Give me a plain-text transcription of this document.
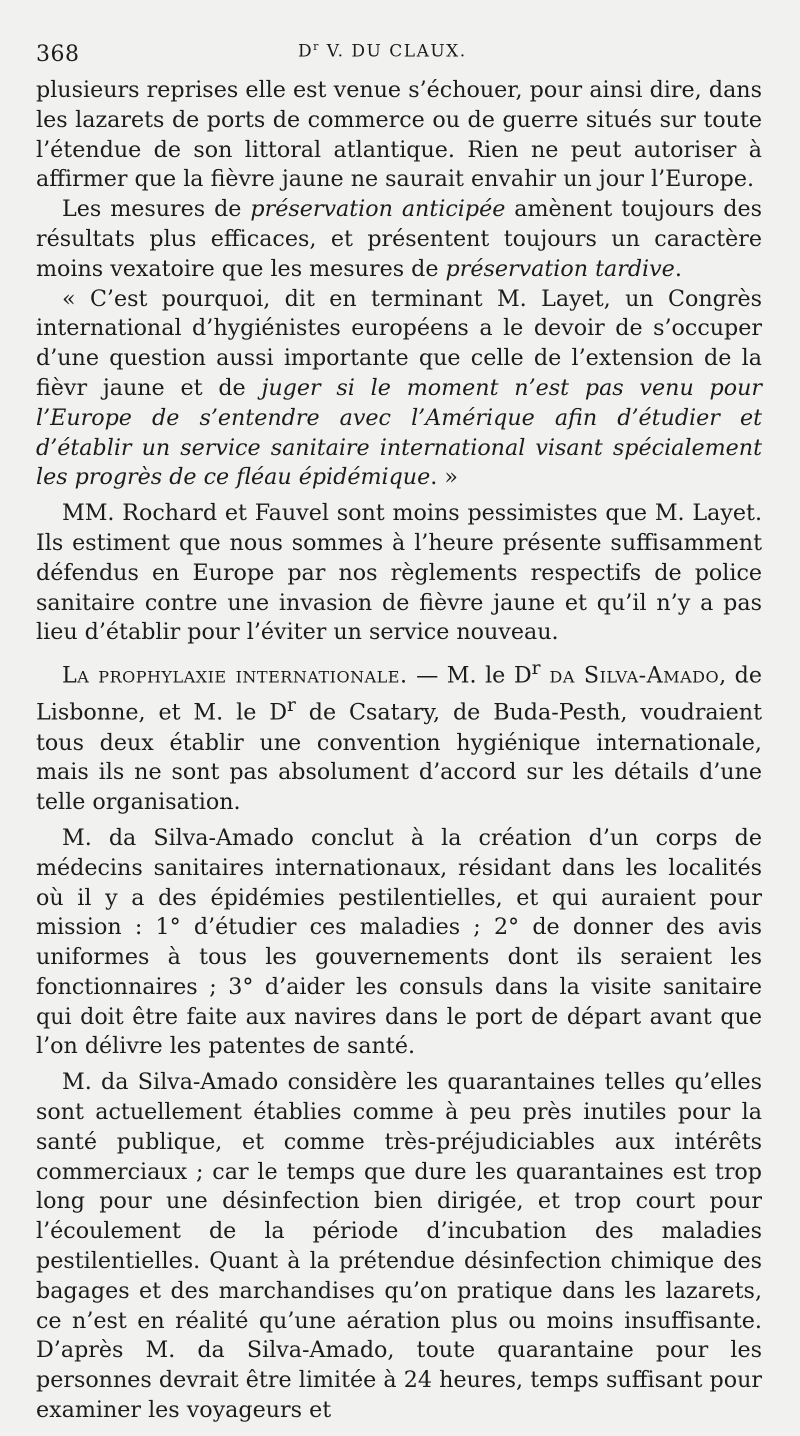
368	$D^r$ V. DU CLAUX.

plusieurs reprises elle est venue s’échouer, pour ainsi dire, dans les lazarets de ports de commerce ou de guerre situés sur toute l’étendue de son littoral atlantique. Rien ne peut autoriser à affirmer que la fièvre jaune ne saurait envahir un jour l’Europe.

Les mesures de préservation anticipée amènent toujours des résultats plus efficaces, et présentent toujours un caractère moins vexatoire que les mesures de préservation tardive.

« C’est pourquoi, dit en terminant M. Layet, un Congrès international d’hygiénistes européens a le devoir de s’occuper d’une question aussi importante que celle de l’extension de la fièvr jaune et de juger si le moment n’est pas venu pour l’Europe de s’entendre avec l’Amérique afin d’étudier et d’établir un service sanitaire international visant spécialement les progrès de ce fléau épidémique. »

MM. Rochard et Fauvel sont moins pessimistes que M. Layet. Ils estiment que nous sommes à l’heure présente suffisamment défendus en Europe par nos règlements respectifs de police sanitaire contre une invasion de fièvre jaune et qu’il n’y a pas lieu d’établir pour l’éviter un service nouveau.

La prophylaxie internationale. — M. le $D^r$ da Silva-Amado, de Lisbonne, et M. le $D^r$ de Csatary, de Buda-Pesth, voudraient tous deux établir une convention hygiénique internationale, mais ils ne sont pas absolument d’accord sur les détails d’une telle organisation.

M. da Silva-Amado conclut à la création d’un corps de médecins sanitaires internationaux, résidant dans les localités où il y a des épidémies pestilentielles, et qui auraient pour mission : 1° d’étudier ces maladies ; 2° de donner des avis uniformes à tous les gouvernements dont ils seraient les fonctionnaires ; 3° d’aider les consuls dans la visite sanitaire qui doit être faite aux navires dans le port de départ avant que l’on délivre les patentes de santé.

M. da Silva-Amado considère les quarantaines telles qu’elles sont actuellement établies comme à peu près inutiles pour la santé publique, et comme très-préjudiciables aux intérêts commerciaux ; car le temps que dure les quarantaines est trop long pour une désinfection bien dirigée, et trop court pour l’écoulement de la période d’incubation des maladies pestilentielles. Quant à la prétendue désinfection chimique des bagages et des marchandises qu’on pratique dans les lazarets, ce n’est en réalité qu’une aération plus ou moins insuffisante. D’après M. da Silva-Amado, toute quarantaine pour les personnes devrait être limitée à 24 heures, temps suffisant pour examiner les voyageurs et
